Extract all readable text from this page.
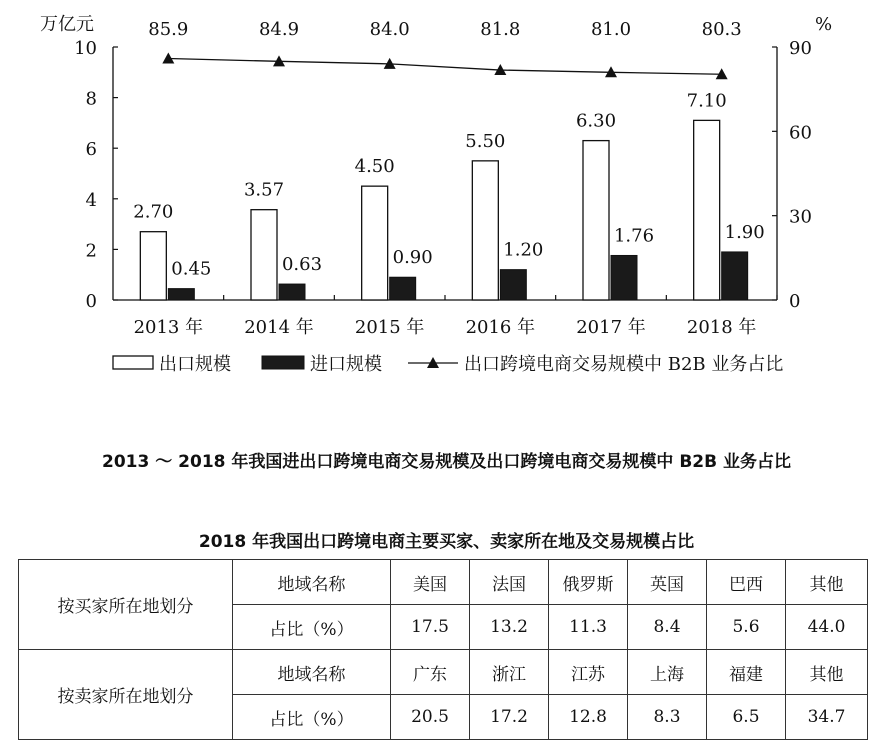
0
2
4
6
8
10
0
30
60
90
万亿元	%
2013 年 2014 年 2015 年 2016 年 2017 年 2018 年
2.70
0.45
3.57
0.63
4.50
0.90
5.50
1.20
6.30
1.76
7.10
1.90
85.9	84.9	84.0	81.8	81.0	80.3
出口规模	进口规模	出口跨境电商交易规模中 B2B 业务占比
2013 ～ 2018 年我国进出口跨境电商交易规模及出口跨境电商交易规模中 B2B 业务占比
2018 年我国出口跨境电商主要买家、卖家所在地及交易规模占比
按买家所在地划分	地域名称	美国	法国	俄罗斯	英国	巴西	其他
	占比（%）	17.5	13.2	11.3	8.4	5.6	44.0
按卖家所在地划分	地域名称	广东	浙江	江苏	上海	福建	其他
	占比（%）	20.5	17.2	12.8	8.3	6.5	34.7
